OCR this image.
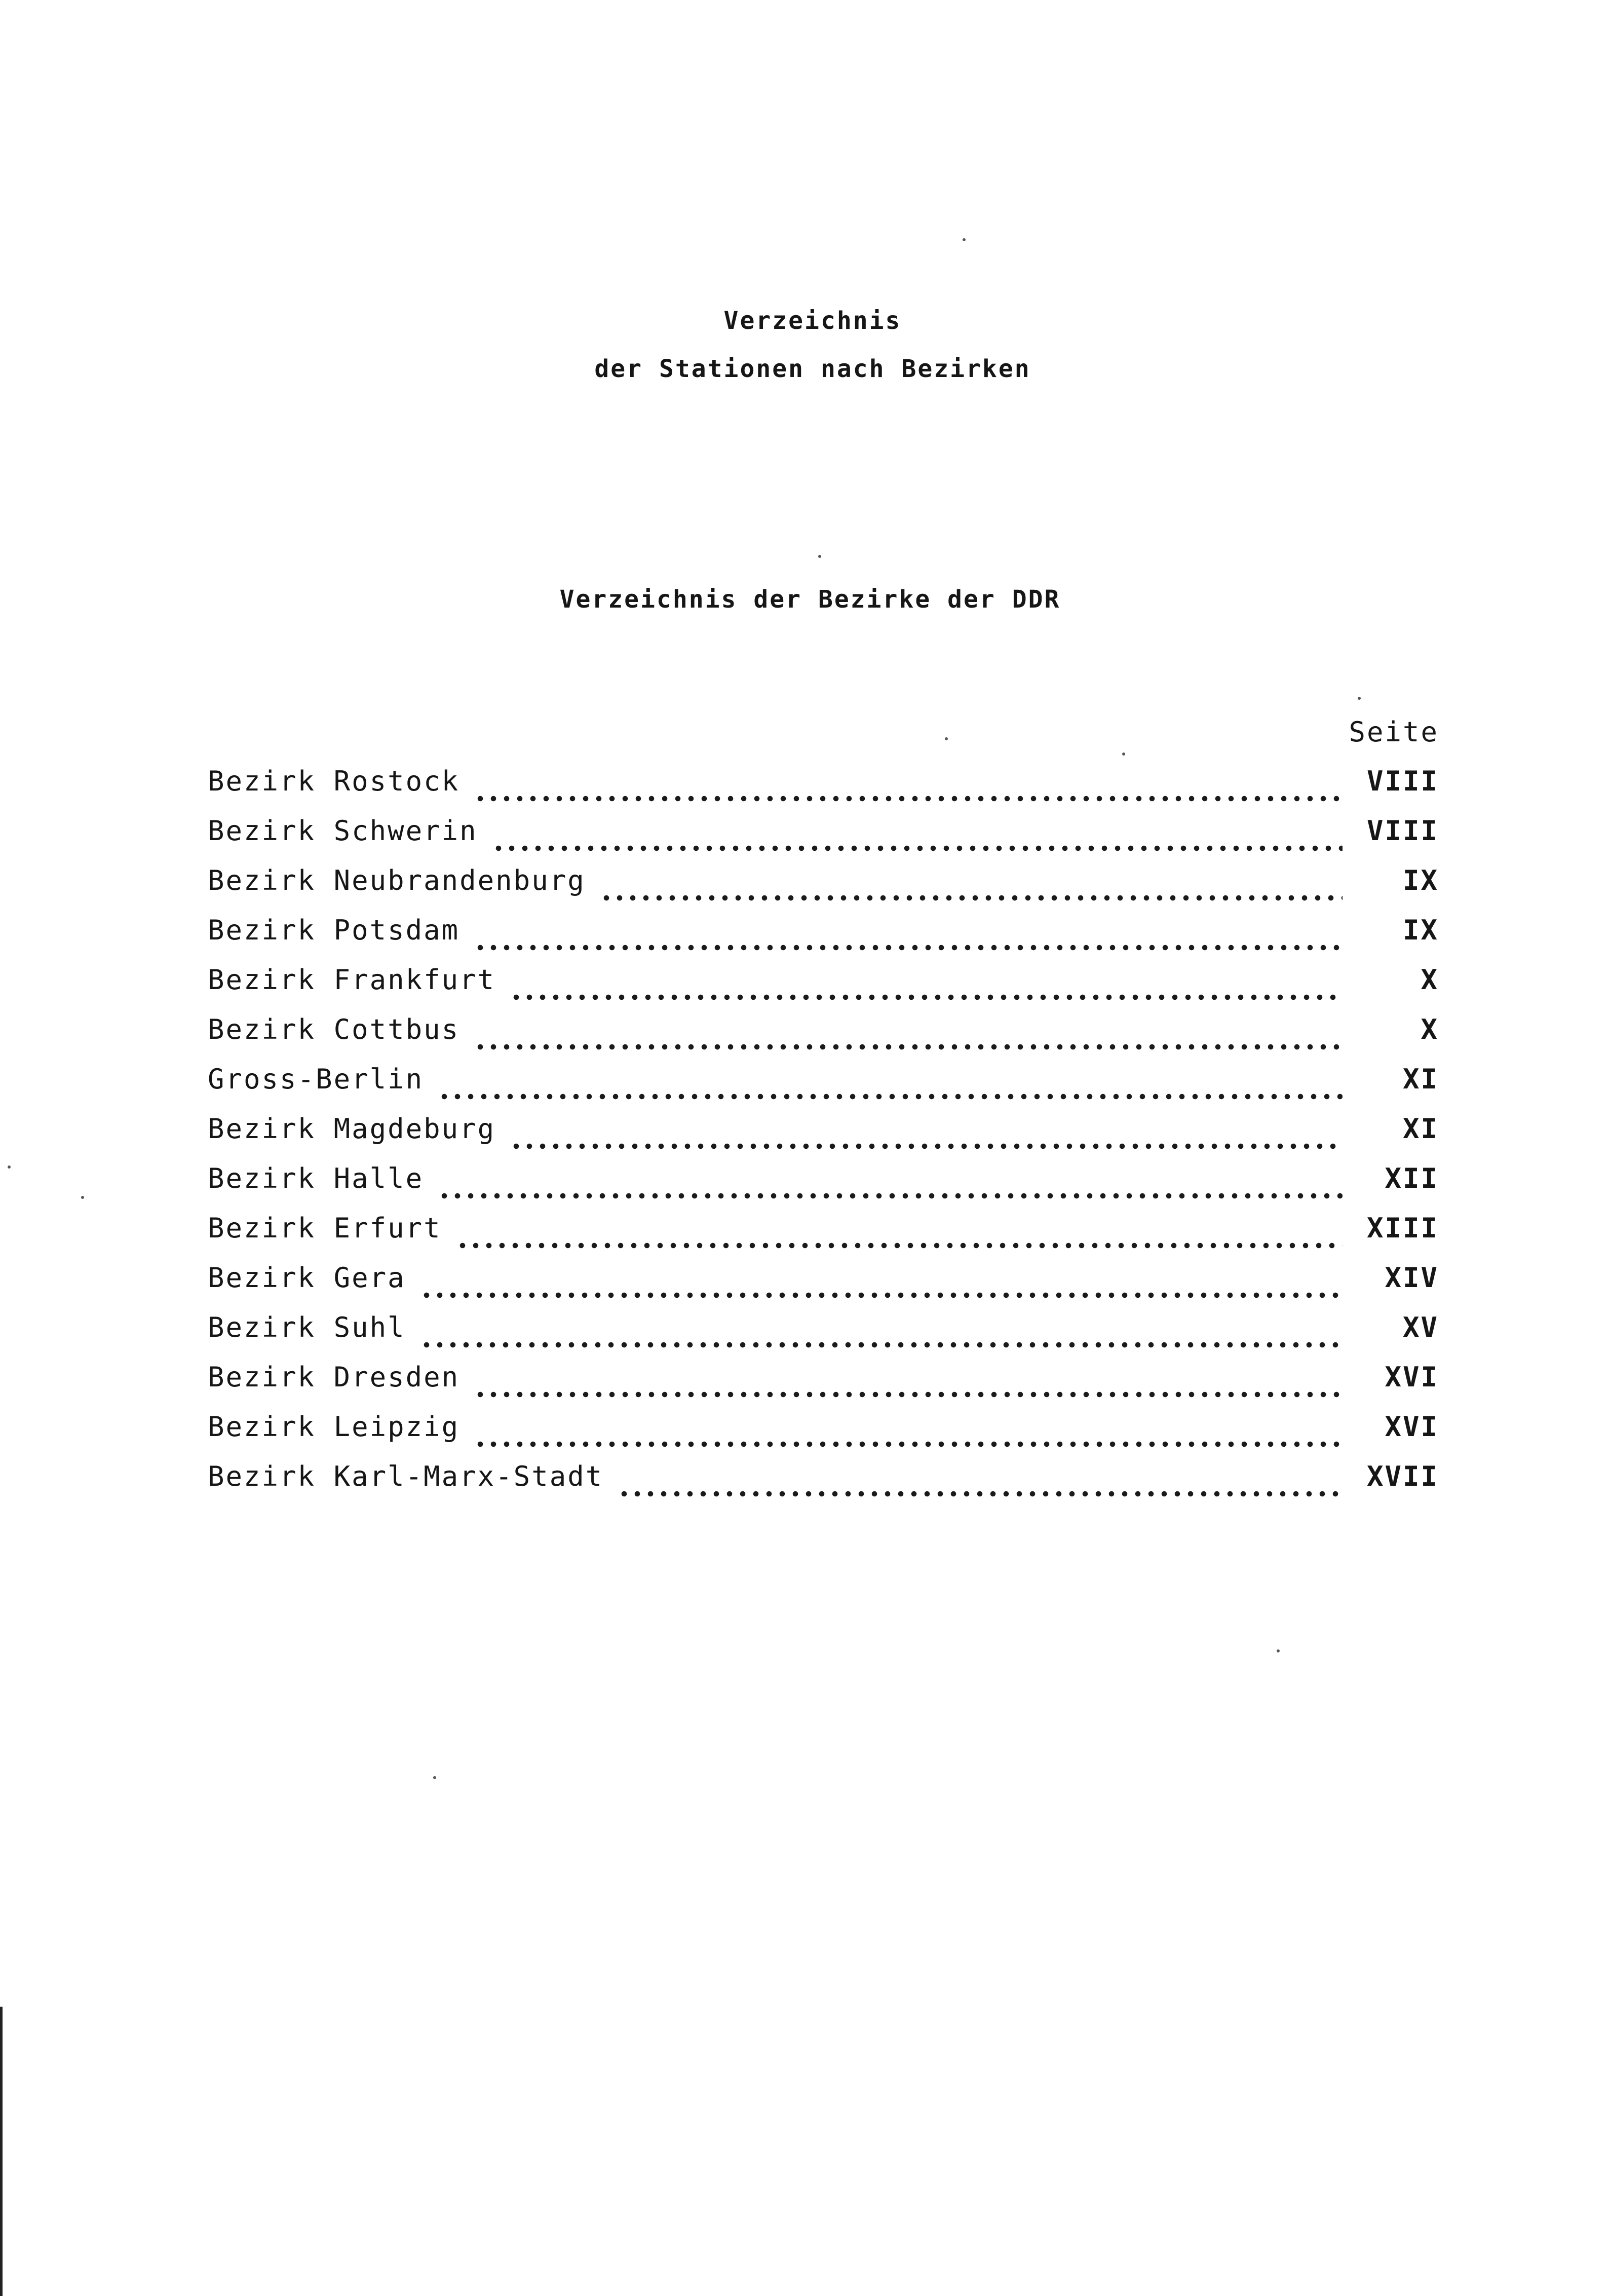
Verzeichnis
der Stationen nach Bezirken
Verzeichnis der Bezirke der DDR
Seite
Bezirk Rostock	VIII
Bezirk Schwerin	VIII
Bezirk Neubrandenburg	IX
Bezirk Potsdam	IX
Bezirk Frankfurt	X
Bezirk Cottbus	X
Gross-Berlin	XI
Bezirk Magdeburg	XI
Bezirk Halle	XII
Bezirk Erfurt	XIII
Bezirk Gera	XIV
Bezirk Suhl	XV
Bezirk Dresden	XVI
Bezirk Leipzig	XVI
Bezirk Karl-Marx-Stadt	XVII
